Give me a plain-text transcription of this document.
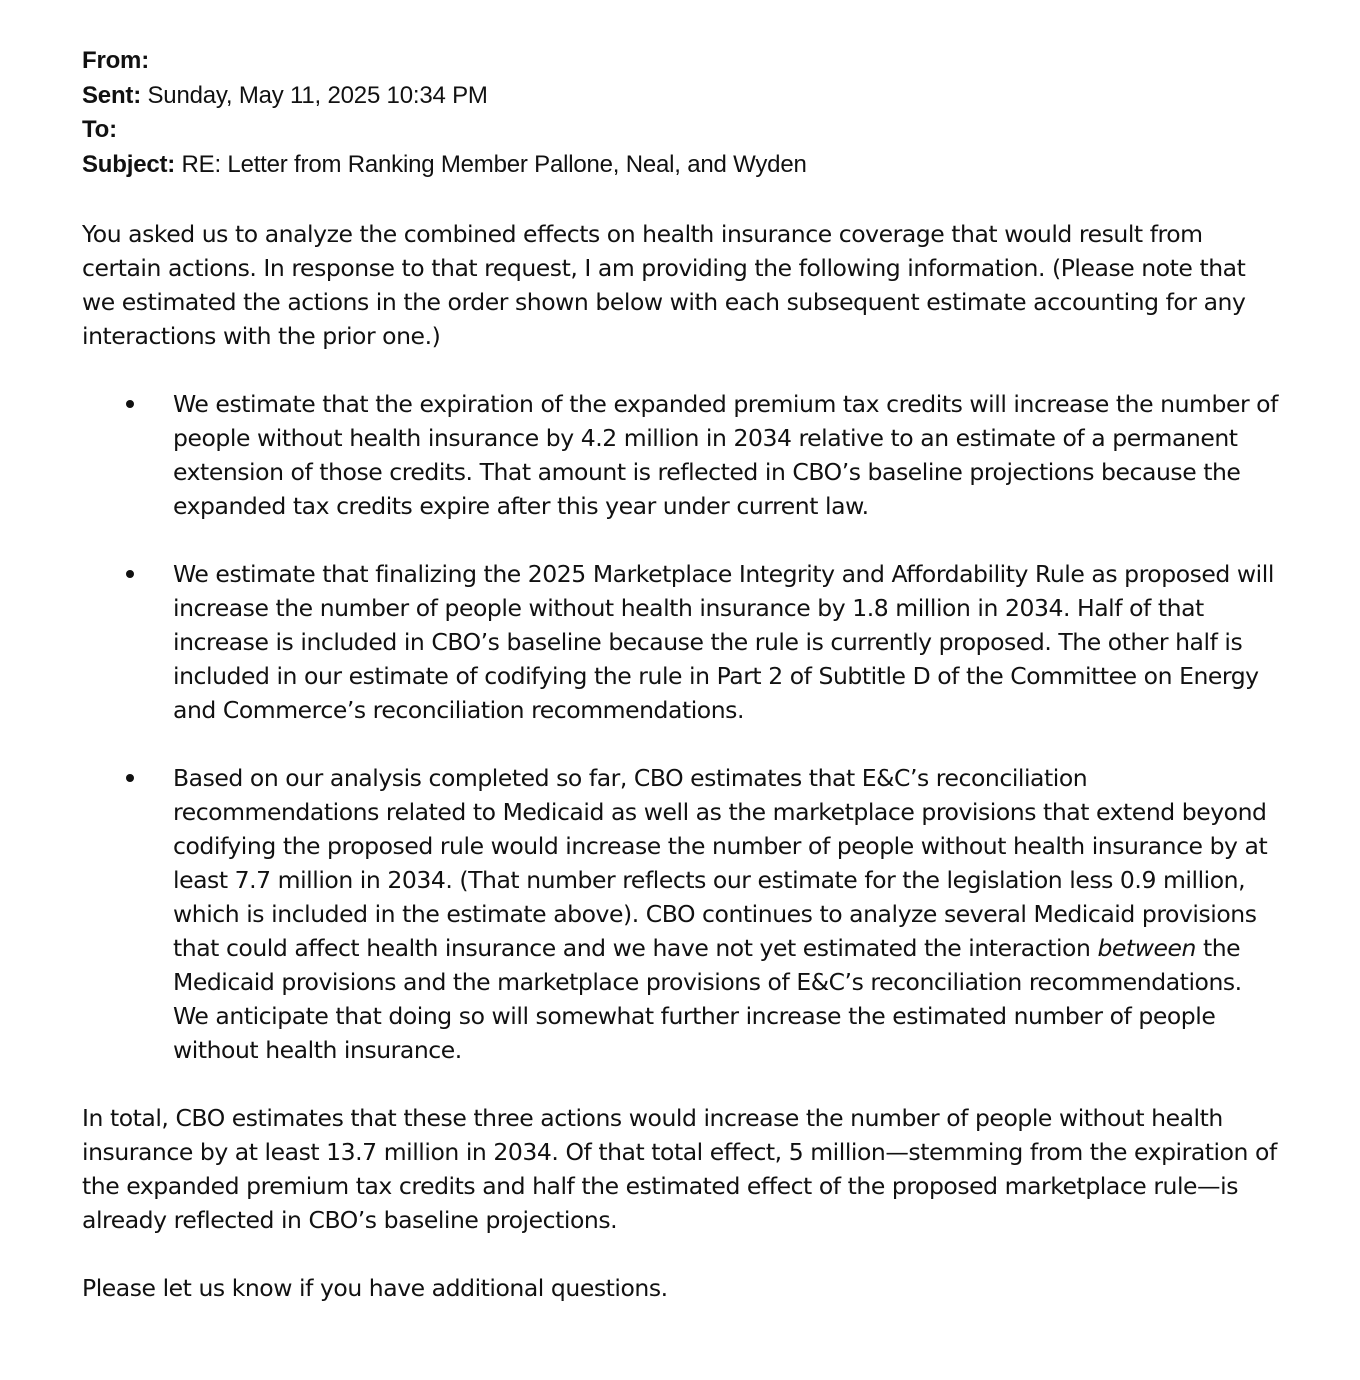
From:
Sent: Sunday, May 11, 2025 10:34 PM
To:
Subject: RE: Letter from Ranking Member Pallone, Neal, and Wyden

You asked us to analyze the combined effects on health insurance coverage that would result from certain actions. In response to that request, I am providing the following information. (Please note that we estimated the actions in the order shown below with each subsequent estimate accounting for any interactions with the prior one.)

We estimate that the expiration of the expanded premium tax credits will increase the number of people without health insurance by 4.2 million in 2034 relative to an estimate of a permanent extension of those credits. That amount is reflected in CBO’s baseline projections because the expanded tax credits expire after this year under current law.
We estimate that finalizing the 2025 Marketplace Integrity and Affordability Rule as proposed will increase the number of people without health insurance by 1.8 million in 2034. Half of that increase is included in CBO’s baseline because the rule is currently proposed. The other half is included in our estimate of codifying the rule in Part 2 of Subtitle D of the Committee on Energy and Commerce’s reconciliation recommendations.
Based on our analysis completed so far, CBO estimates that E&C’s reconciliation recommendations related to Medicaid as well as the marketplace provisions that extend beyond codifying the proposed rule would increase the number of people without health insurance by at least 7.7 million in 2034. (That number reflects our estimate for the legislation less 0.9 million, which is included in the estimate above). CBO continues to analyze several Medicaid provisions that could affect health insurance and we have not yet estimated the interaction between the Medicaid provisions and the marketplace provisions of E&C’s reconciliation recommendations. We anticipate that doing so will somewhat further increase the estimated number of people without health insurance.

In total, CBO estimates that these three actions would increase the number of people without health insurance by at least 13.7 million in 2034. Of that total effect, 5 million—stemming from the expiration of the expanded premium tax credits and half the estimated effect of the proposed marketplace rule—is already reflected in CBO’s baseline projections.

Please let us know if you have additional questions.
